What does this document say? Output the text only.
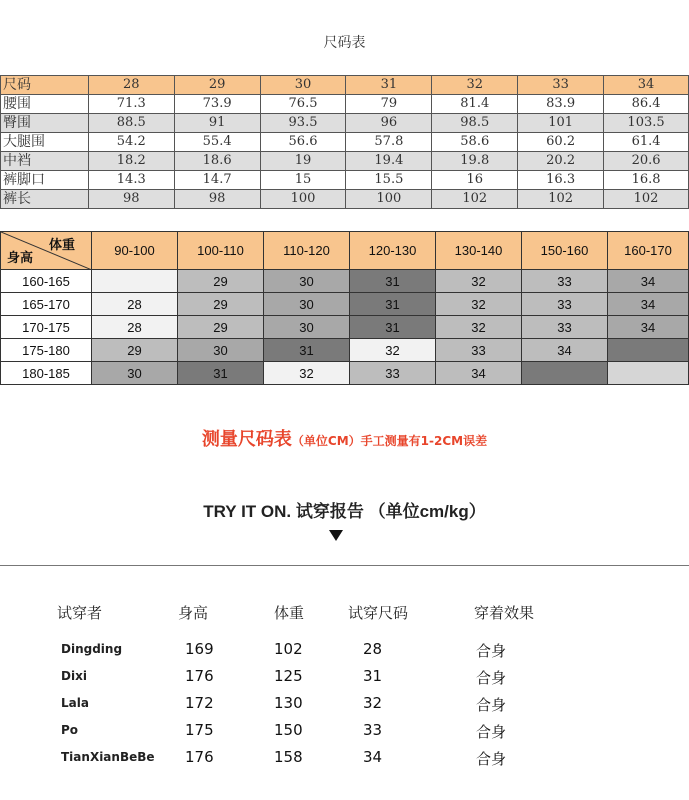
尺码表
尺码	28	29	30	31	32	33	34
腰围	71.3	73.9	76.5	79	81.4	83.9	86.4
臀围	88.5	91	93.5	96	98.5	101	103.5
大腿围	54.2	55.4	56.6	57.8	58.6	60.2	61.4
中裆	18.2	18.6	19	19.4	19.8	20.2	20.6
裤脚口	14.3	14.7	15	15.5	16	16.3	16.8
裤长	98	98	100	100	102	102	102
体重
身高	90-100	100-110	110-120	120-130	130-140	150-160	160-170
160-165		29	30	31	32	33	34
165-170	28	29	30	31	32	33	34
170-175	28	29	30	31	32	33	34
175-180	29	30	31	32	33	34	
180-185	30	31	32	33	34		
测量尺码表（单位CM）手工测量有1-2CM误差
TRY IT ON. 试穿报告 （单位cm/kg）
试穿者	身高	体重	试穿尺码	穿着效果
Dingding	169	102	28	合身
Dixi	176	125	31	合身
Lala	172	130	32	合身
Po	175	150	33	合身
TianXianBeBe 176	158	34	合身
